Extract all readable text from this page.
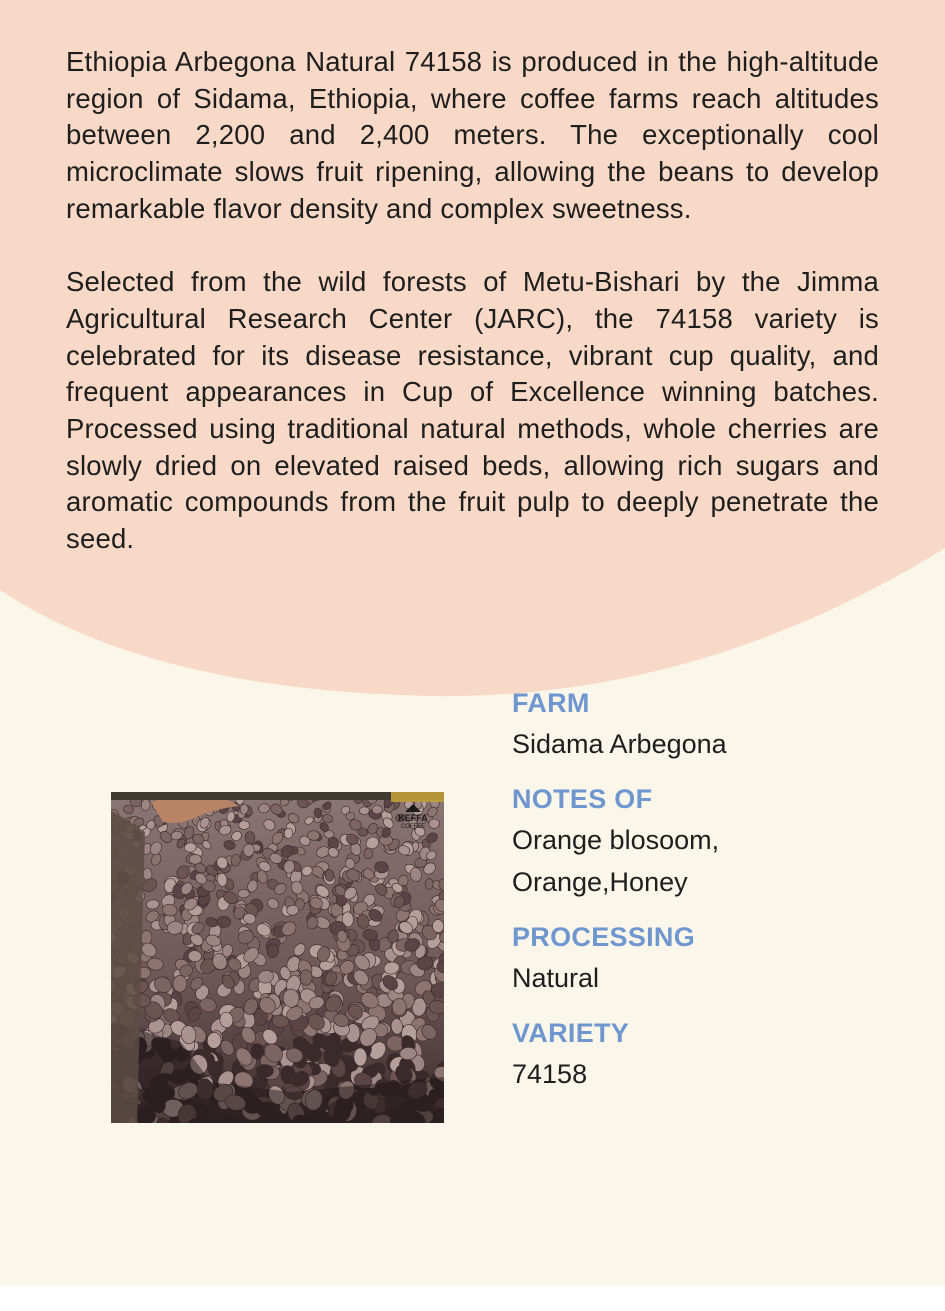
Ethiopia Arbegona Natural 74158 is produced in the high-altitude region of Sidama, Ethiopia, where coffee farms reach altitudes between 2,200 and 2,400 meters. The exceptionally cool microclimate slows fruit ripening, allowing the beans to develop remarkable flavor density and complex sweetness.

Selected from the wild forests of Metu-Bishari by the Jimma Agricultural Research Center (JARC), the 74158 variety is celebrated for its disease resistance, vibrant cup quality, and frequent appearances in Cup of Excellence winning batches. Processed using traditional natural methods, whole cherries are slowly dried on elevated raised beds, allowing rich sugars and aromatic compounds from the fruit pulp to deeply penetrate the seed.

KEFFA
COFFEE
FARM
Sidama Arbegona
NOTES OF
Orange blosoom, Orange,Honey
PROCESSING
Natural
VARIETY
74158
